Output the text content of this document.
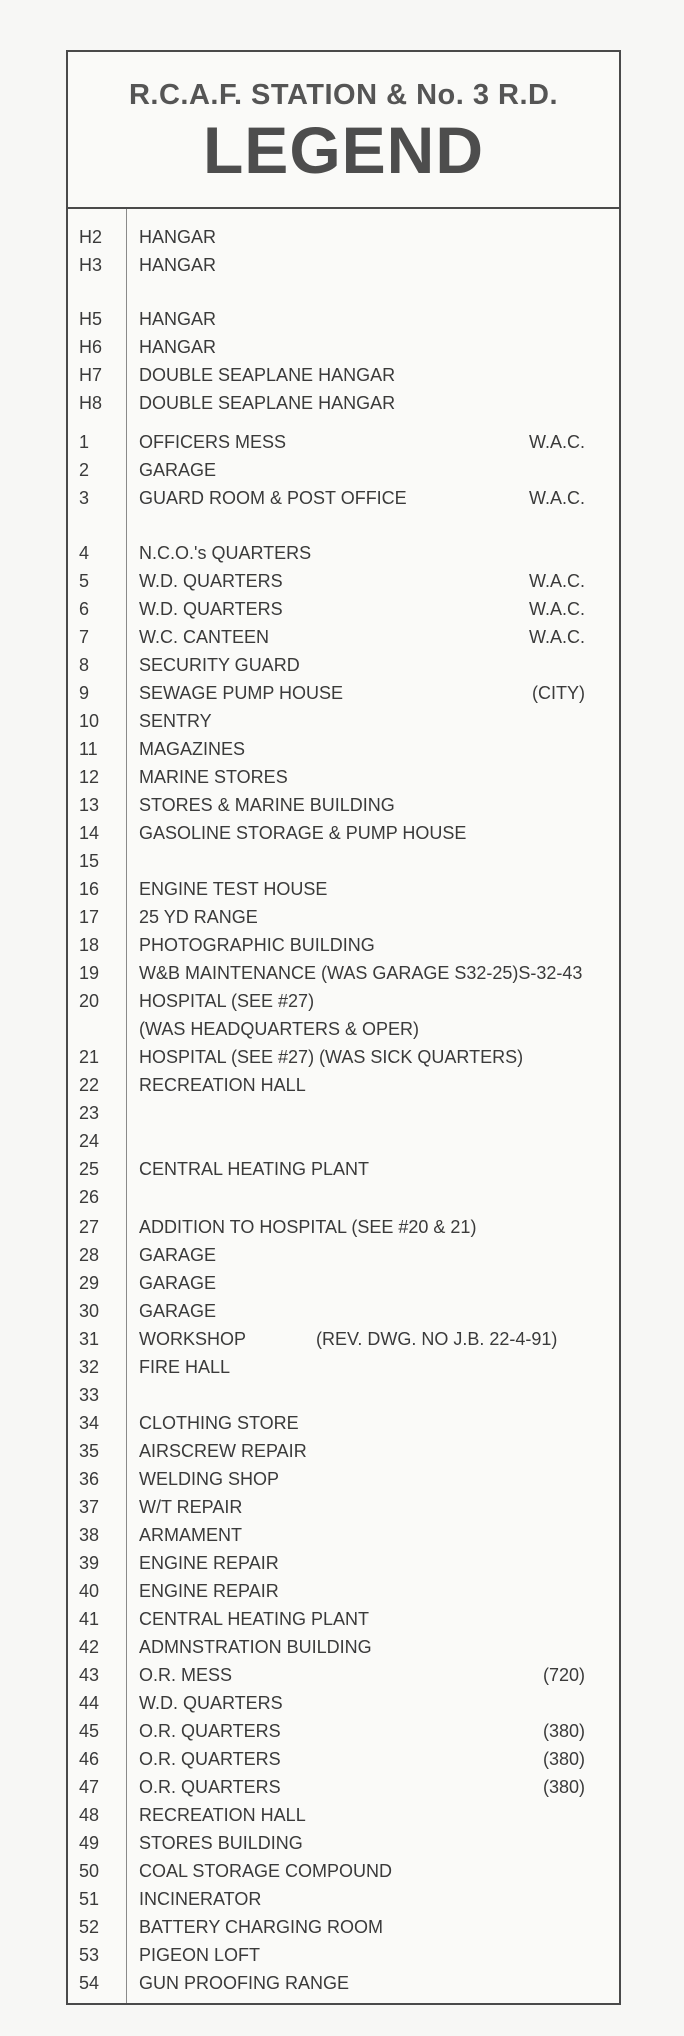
R.C.A.F. STATION & No. 3 R.D.
LEGEND
H2	HANGAR
H3	HANGAR
H5	HANGAR
H6	HANGAR
H7	DOUBLE SEAPLANE HANGAR
H8	DOUBLE SEAPLANE HANGAR
1	OFFICERS MESS	W.A.C.
2	GARAGE
3	GUARD ROOM & POST OFFICE	W.A.C.
4	N.C.O.'s QUARTERS
5	W.D. QUARTERS	W.A.C.
6	W.D. QUARTERS	W.A.C.
7	W.C. CANTEEN	W.A.C.
8	SECURITY GUARD
9	SEWAGE PUMP HOUSE	(CITY)
10	SENTRY
11	MAGAZINES
12	MARINE STORES
13	STORES & MARINE BUILDING
14	GASOLINE STORAGE & PUMP HOUSE
15
16	ENGINE TEST HOUSE
17	25 YD RANGE
18	PHOTOGRAPHIC BUILDING
19	W&B MAINTENANCE (WAS GARAGE S32-25)S-32-43
20	HOSPITAL (SEE #27)
(WAS HEADQUARTERS & OPER)
21	HOSPITAL (SEE #27) (WAS SICK QUARTERS)
22	RECREATION HALL
23
24
25	CENTRAL HEATING PLANT
26
27	ADDITION TO HOSPITAL (SEE #20 & 21)
28	GARAGE
29	GARAGE
30	GARAGE
31	WORKSHOP	(REV. DWG. NO J.B. 22-4-91)
32	FIRE HALL
33
34	CLOTHING STORE
35	AIRSCREW REPAIR
36	WELDING SHOP
37	W/T REPAIR
38	ARMAMENT
39	ENGINE REPAIR
40	ENGINE REPAIR
41	CENTRAL HEATING PLANT
42	ADMNSTRATION BUILDING
43	O.R. MESS	(720)
44	W.D. QUARTERS
45	O.R. QUARTERS	(380)
46	O.R. QUARTERS	(380)
47	O.R. QUARTERS	(380)
48	RECREATION HALL
49	STORES BUILDING
50	COAL STORAGE COMPOUND
51	INCINERATOR
52	BATTERY CHARGING ROOM
53	PIGEON LOFT
54	GUN PROOFING RANGE
